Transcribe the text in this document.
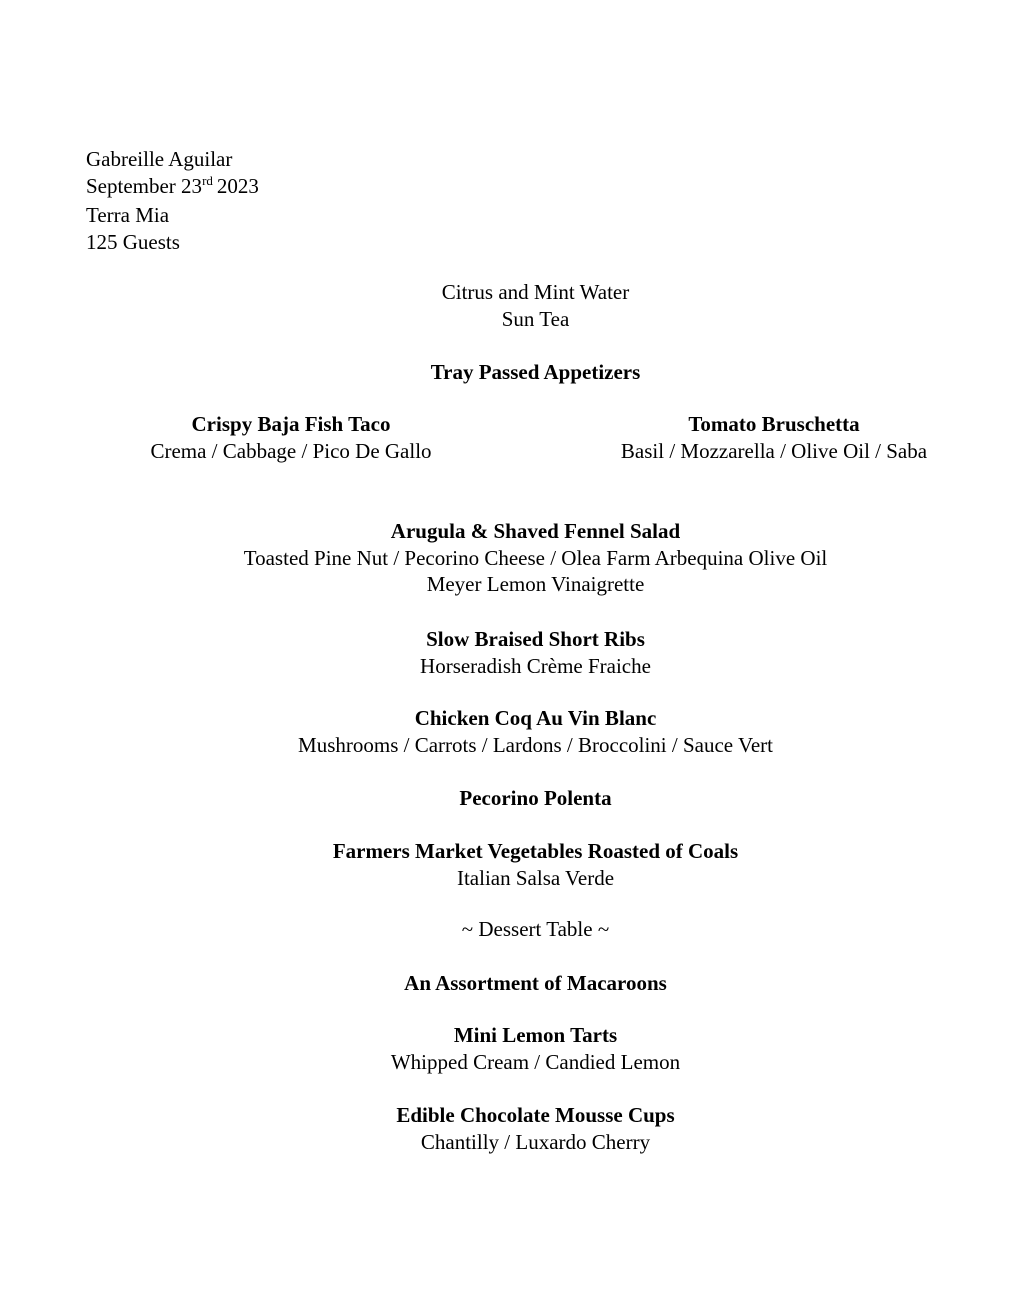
Gabreille Aguilar
September 23rd 2023
Terra Mia
125 Guests
Citrus and Mint Water
Sun Tea
Tray Passed Appetizers
Crispy Baja Fish Taco
Crema / Cabbage / Pico De Gallo
Tomato Bruschetta
Basil / Mozzarella / Olive Oil / Saba
Arugula & Shaved Fennel Salad
Toasted Pine Nut / Pecorino Cheese / Olea Farm Arbequina Olive Oil
Meyer Lemon Vinaigrette
Slow Braised Short Ribs
Horseradish Crème Fraiche
Chicken Coq Au Vin Blanc
Mushrooms / Carrots / Lardons / Broccolini / Sauce Vert
Pecorino Polenta
Farmers Market Vegetables Roasted of Coals
Italian Salsa Verde
~ Dessert Table ~
An Assortment of Macaroons
Mini Lemon Tarts
Whipped Cream / Candied Lemon
Edible Chocolate Mousse Cups
Chantilly / Luxardo Cherry
